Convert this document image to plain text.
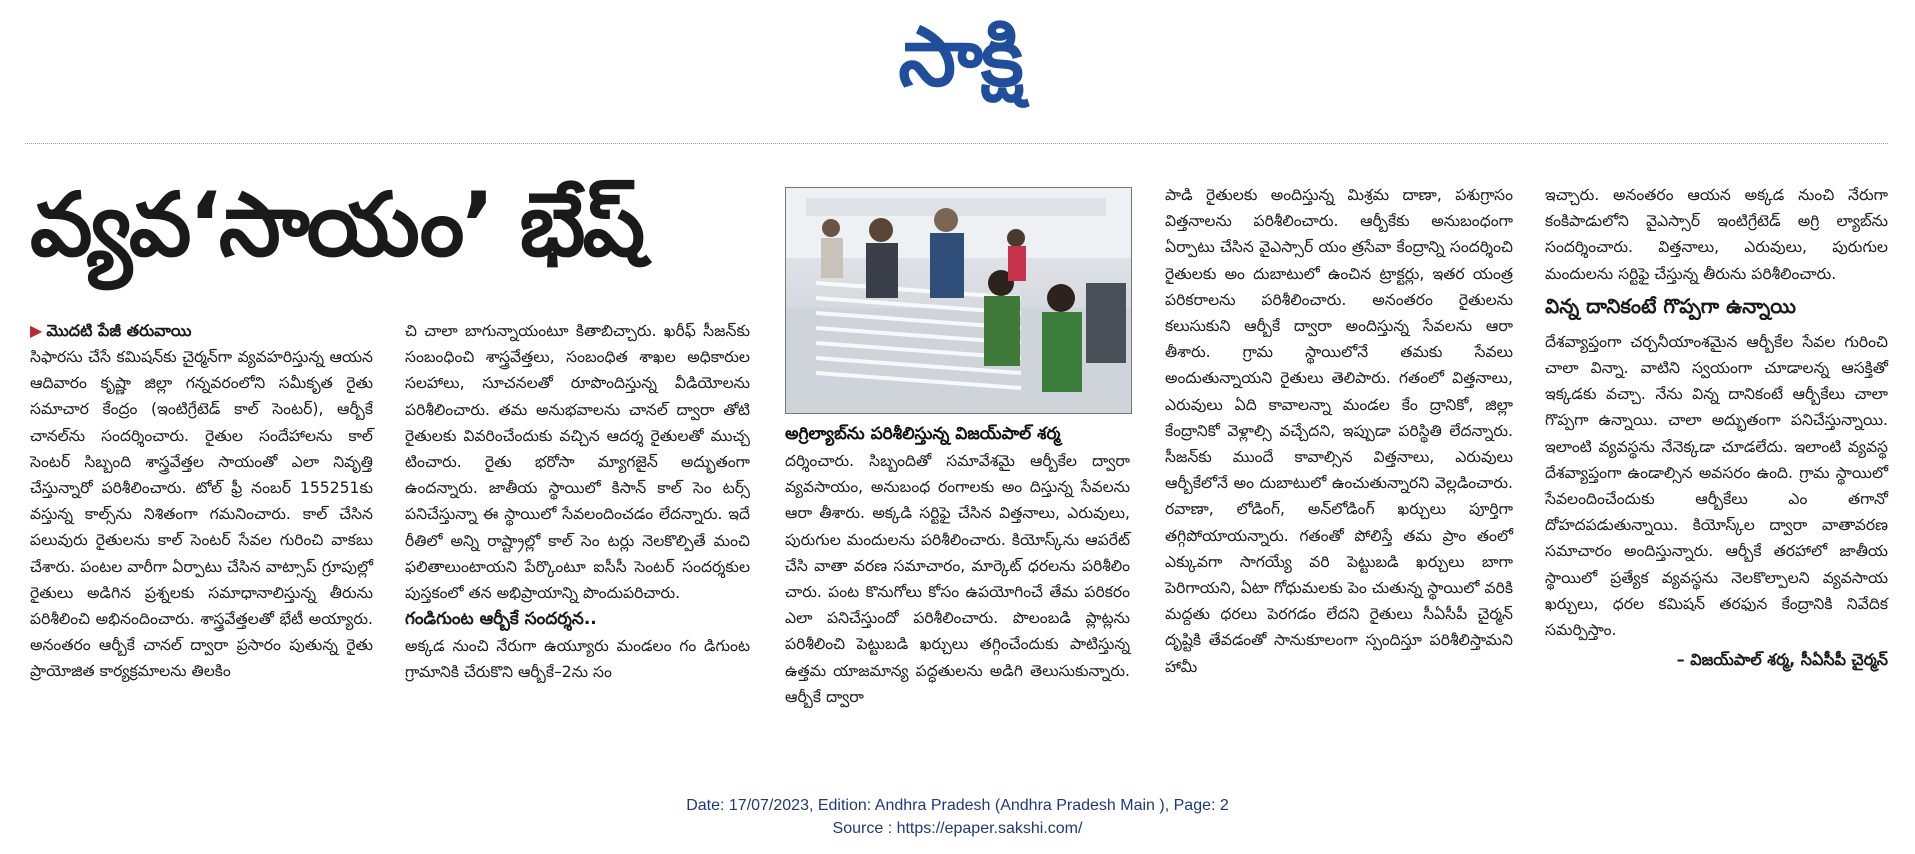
సాక్షి
వ్యవ‘సాయం’ భేష్
అగ్రిల్యాబ్‌ను పరిశీలిస్తున్న విజయ్‌పాల్ శర్మ
▶ మొదటి పేజీ తరువాయి

సిఫారసు చేసే కమిషన్‌కు చైర్మన్‌గా వ్యవహరిస్తున్న ఆయన ఆదివారం కృష్ణా జిల్లా గన్నవరంలోని సమీకృత రైతు సమాచార కేంద్రం (ఇంటిగ్రేటెడ్ కాల్ సెంటర్), ఆర్బీకే చానల్‌ను సందర్శించారు. రైతుల సందేహాలను కాల్ సెంటర్ సిబ్బంది శాస్త్రవేత్తల సాయంతో ఎలా నివృత్తి చేస్తున్నారో పరిశీలించారు. టోల్ ఫ్రీ నంబర్ 155251కు వస్తున్న కాల్స్‌ను నిశితంగా గమనించారు. కాల్ చేసిన పలువురు రైతులను కాల్ సెంటర్ సేవల గురించి వాకబు చేశారు. పంటల వారీగా ఏర్పాటు చేసిన వాట్సాప్ గ్రూపుల్లో రైతులు అడిగిన ప్రశ్నలకు సమాధానాలిస్తున్న తీరును పరిశీలించి అభినందించారు. శాస్త్రవేత్తలతో భేటీ అయ్యారు. అనంతరం ఆర్బీకే చానల్ ద్వారా ప్రసారం పుతున్న రైతు ప్రాయోజిత కార్యక్రమాలను తిలకిం

చి చాలా బాగున్నాయంటూ కితాబిచ్చారు. ఖరీఫ్ సీజన్‌కు సంబంధించి శాస్త్రవేత్తలు, సంబంధిత శాఖల అధికారుల సలహాలు, సూచనలతో రూపొందిస్తున్న వీడియోలను పరిశీలించారు. తమ అనుభవాలను చానల్ ద్వారా తోటి రైతులకు వివరించేందుకు వచ్చిన ఆదర్శ రైతులతో ముచ్చ టించారు. రైతు భరోసా మ్యాగజైన్ అద్భుతంగా ఉందన్నారు. జాతీయ స్థాయిలో కిసాన్ కాల్ సెం టర్స్ పనిచేస్తున్నా ఈ స్థాయిలో సేవలందించడం లేదన్నారు. ఇదే రీతిలో అన్ని రాష్ట్రాల్లో కాల్ సెం టర్లు నెలకొల్పితే మంచి ఫలితాలుంటాయని పేర్కొంటూ ఐసీసీ సెంటర్ సందర్శకుల పుస్తకంలో తన అభిప్రాయాన్ని పొందుపరిచారు.

గండిగుంట ఆర్బీకే సందర్శన..

అక్కడ నుంచి నేరుగా ఉయ్యూరు మండలం గం డిగుంట గ్రామానికి చేరుకొని ఆర్బీకే–2ను సం

దర్శించారు. సిబ్బందితో సమావేశమై ఆర్బీకేల ద్వారా వ్యవసాయం, అనుబంధ రంగాలకు అం దిస్తున్న సేవలను ఆరా తీశారు. అక్కడి సర్టిఫై చేసిన విత్తనాలు, ఎరువులు, పురుగుల మందులను పరిశీలించారు. కియోస్క్‌ను ఆపరేట్ చేసి వాతా వరణ సమాచారం, మార్కెట్ ధరలను పరిశీలిం చారు. పంట కొనుగోలు కోసం ఉపయోగించే తేమ పరికరం ఎలా పనిచేస్తుందో పరిశీలించారు. పొలంబడి ప్లాట్లను పరిశీలించి పెట్టుబడి ఖర్చులు తగ్గించేందుకు పాటిస్తున్న ఉత్తమ యాజమాన్య పద్ధతులను అడిగి తెలుసుకున్నారు. ఆర్బీకే ద్వారా

పాడి రైతులకు అందిస్తున్న మిశ్రమ దాణా, పశుగ్రాసం విత్తనాలను పరిశీలించారు. ఆర్బీకేకు అనుబంధంగా ఏర్పాటు చేసిన వైఎస్సార్ యం త్రసేవా కేంద్రాన్ని సందర్శించి రైతులకు అం దుబాటులో ఉంచిన ట్రాక్టర్లు, ఇతర యంత్ర పరికరాలను పరిశీలించారు. అనంతరం రైతులను కలుసుకుని ఆర్బీకే ద్వారా అందిస్తున్న సేవలను ఆరా తీశారు. గ్రామ స్థాయిలోనే తమకు సేవలు అందుతున్నాయని రైతులు తెలిపారు. గతంలో విత్తనాలు, ఎరువులు ఏది కావాలన్నా మండల కేం ద్రానికో, జిల్లా కేంద్రానికో వెళ్లాల్సి వచ్చేదని, ఇప్పుడా పరిస్థితి లేదన్నారు. సీజన్‌కు ముందే కావాల్సిన విత్తనాలు, ఎరువులు ఆర్బీకేలోనే అం దుబాటులో ఉంచుతున్నారని వెల్లడించారు. రవాణా, లోడింగ్, అన్‌లోడింగ్ ఖర్చులు పూర్తిగా తగ్గిపోయాయన్నారు. గతంతో పోలిస్తే తమ ప్రాం తంలో ఎక్కువగా సాగయ్యే వరి పెట్టుబడి ఖర్చులు బాగా పెరిగాయని, ఏటా గోధుమలకు పెం చుతున్న స్థాయిలో వరికి మద్దతు ధరలు పెరగడం లేదని రైతులు సీఏసీపీ చైర్మన్ దృష్టికి తేవడంతో సానుకూలంగా స్పందిస్తూ పరిశీలిస్తామని హామీ

ఇచ్చారు. అనంతరం ఆయన అక్కడ నుంచి నేరుగా కంకిపాడులోని వైఎస్సార్ ఇంటిగ్రేటెడ్ అగ్రి ల్యాబ్‌ను సందర్శించారు. విత్తనాలు, ఎరువులు, పురుగుల మందులను సర్టిఫై చేస్తున్న తీరును పరిశీలించారు.

విన్న దానికంటే గొప్పగా ఉన్నాయి

దేశవ్యాప్తంగా చర్చనీయాంశమైన ఆర్బీకేల సేవల గురించి చాలా విన్నా. వాటిని స్వయంగా చూడాలన్న ఆసక్తితో ఇక్కడకు వచ్చా. నేను విన్న దానికంటే ఆర్బీకేలు చాలా గొప్పగా ఉన్నాయి. చాలా అద్భుతంగా పనిచేస్తున్నాయి. ఇలాంటి వ్యవస్థను నేనెక్కడా చూడలేదు. ఇలాంటి వ్యవస్థ దేశవ్యాప్తంగా ఉండాల్సిన అవసరం ఉంది. గ్రామ స్థాయిలో సేవలందించేందుకు ఆర్బీకేలు ఎం తగానో దోహదపడుతున్నాయి. కియోస్క్‌ల ద్వారా వాతావరణ సమాచారం అందిస్తున్నారు. ఆర్బీకే తరహాలో జాతీయ స్థాయిలో ప్రత్యేక వ్యవస్థను నెలకొల్పాలని వ్యవసాయ ఖర్చులు, ధరల కమిషన్ తరఫున కేంద్రానికి నివేదిక సమర్పిస్తాం.

– విజయ్‌పాల్ శర్మ, సీఏసీపీ చైర్మన్
Date: 17/07/2023, Edition: Andhra Pradesh (Andhra Pradesh Main ), Page: 2
Source : https://epaper.sakshi.com/
